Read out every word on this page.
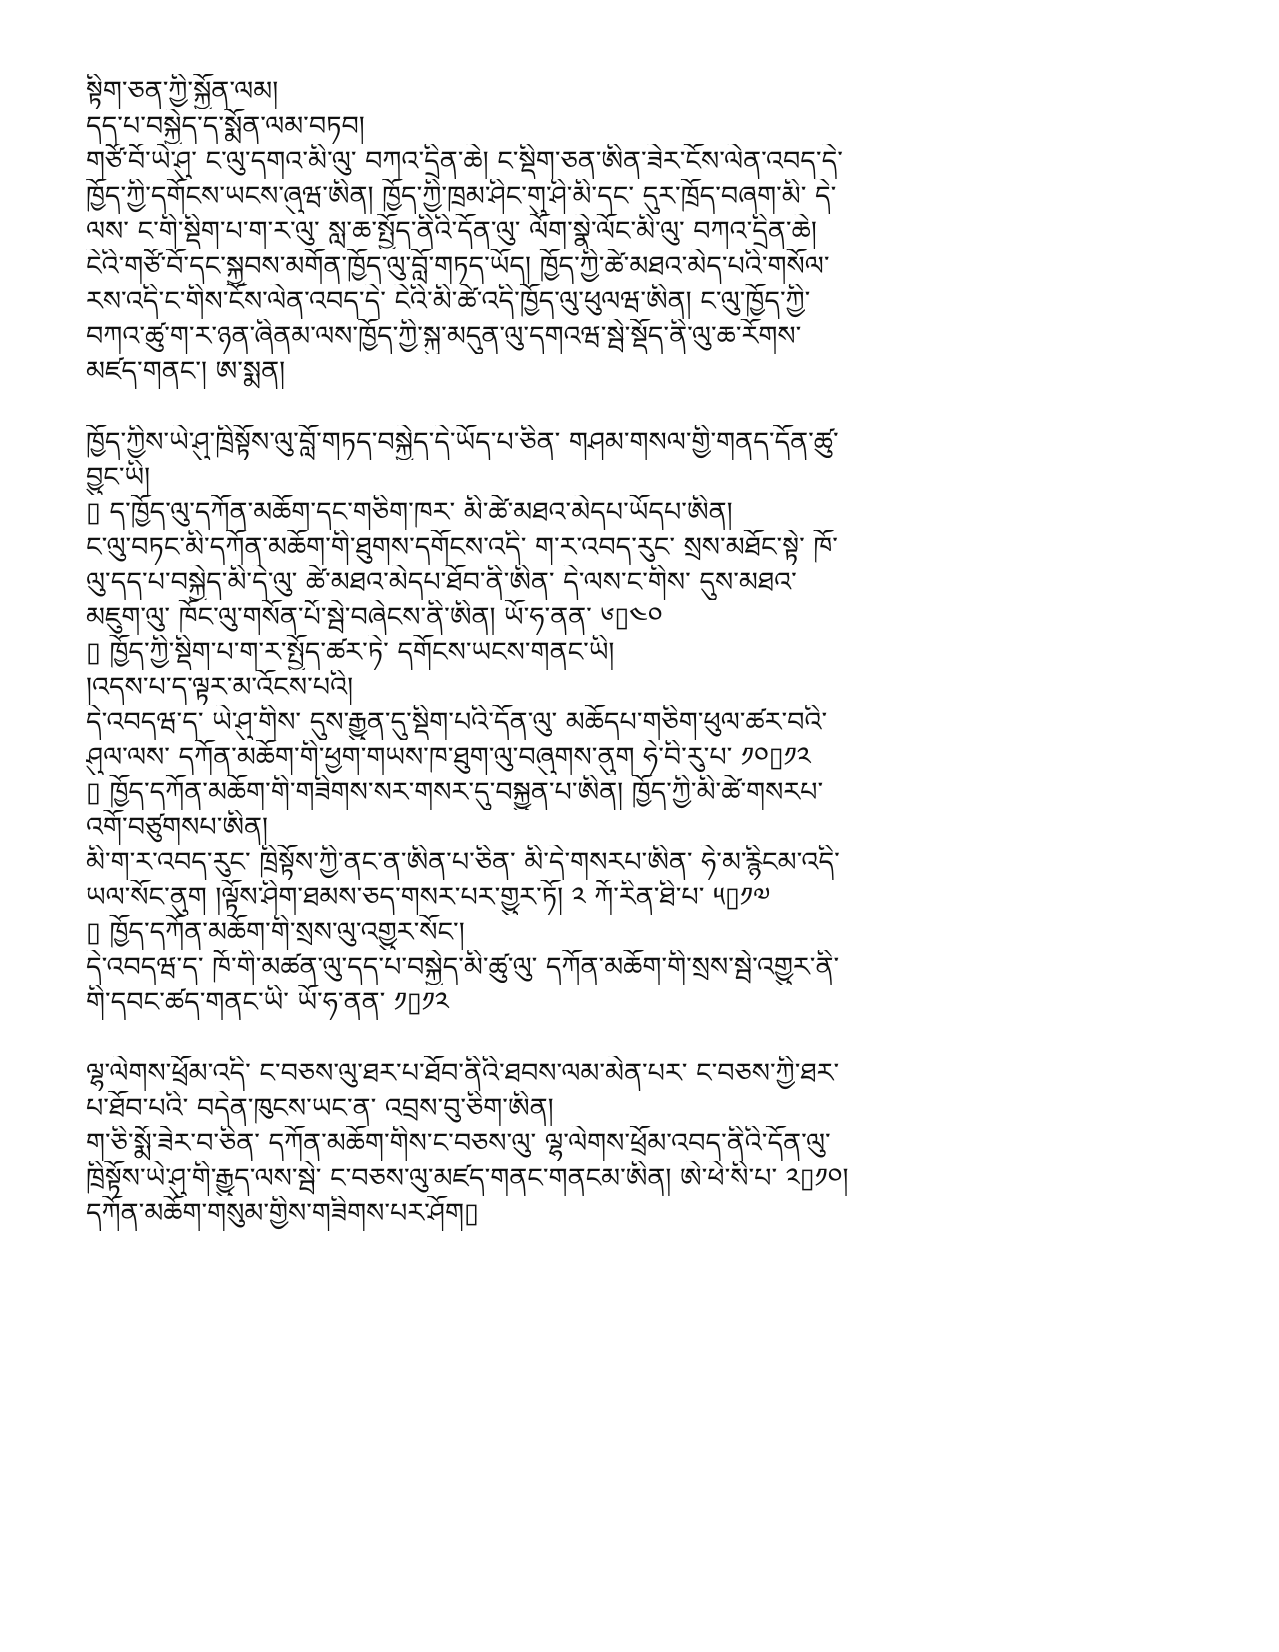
སྟིག་ཅན་ཀྱི་སྐྱོན་ལམ།
དད་པ་བསྐྱེད་ད་སྨོན་ལམ་བཏབ།
གཙོ་བོ་ཡེ་ཤུ་ ང་ལུ་དགའ་མི་ལུ་ བཀའ་དྲིན་ཆེ། ང་སྡིག་ཅན་ཨིན་ཟེར་ངོས་ལེན་འབད་དེ་
ཁྱོད་ཀྱི་དགོངས་ཡངས་ཞུཝ་ཨིན། ཁྱོད་ཀྱི་ཁྲམ་ཤིང་གུ་ཤི་མི་དང་ དུར་ཁྲོད་བཞག་མི་ དེ་
ལས་ ང་གི་སྡིག་པ་ག་ར་ལུ་ སླ་ཆ་སྤྱོད་ནིའི་དོན་ལུ་ ལོག་སྣེ་ལོང་མི་ལུ་ བཀའ་དྲིན་ཆེ།
ངེའི་གཙོ་བོ་དང་སྐྱབས་མགོན་ཁྱོད་ལུ་བློ་གཏད་ཡོད། ཁྱོད་ཀྱི་ཚེ་མཐའ་མེད་པའི་གསོལ་
རས་འདི་ང་གིས་ངོས་ལེན་འབད་དེ་ ངེའི་མི་ཚེ་འདི་ཁྱོད་ལུ་ཕུལཝ་ཨིན། ང་ལུ་ཁྱོད་ཀྱི་
བཀའ་ཚུ་ག་ར་ཉན་ཞིནམ་ལས་ཁྱོད་ཀྱི་སྐུ་མདུན་ལུ་དགའཝ་སྦེ་སྡོད་ནི་ལུ་ཆ་རོགས་
མཛད་གནང་། ཨ་སྨན།
ཁྱོད་ཀྱིས་ཡེ་ཤུ་ཁྲིསྟོས་ལུ་བློ་གཏད་བསྐྱེད་དེ་ཡོད་པ་ཅིན་ གཤམ་གསལ་གྱི་གནད་དོན་ཚུ་
བྱུང་ཡི།
▯ ད་ཁྱོད་ལུ་དཀོན་མཆོག་དང་གཅིག་ཁར་ མི་ཚེ་མཐའ་མེདཔ་ཡོདཔ་ཨིན།
ང་ལུ་བཏང་མི་དཀོན་མཆོག་གི་ཐུགས་དགོངས་འདི་ ག་ར་འབད་རུང་ སྲས་མཐོང་སྟེ་ ཁོ་
ལུ་དད་པ་བསྐྱེད་མི་དེ་ལུ་ ཚེ་མཐའ་མེདཔ་ཐོབ་ནི་ཨིན་ དེ་ལས་ང་གིས་ དུས་མཐའ་
མཇུག་ལུ་ ཁོང་ལུ་གསོན་པོ་སྦེ་བཞེངས་ནི་ཨིན། ཡོ་ཧ་ནན་ ༦▯༤༠
▯ ཁྱོད་ཀྱི་སྡིག་པ་ག་ར་སྤྱོད་ཚར་ཏེ་ དགོངས་ཡངས་གནང་ཡི།
།འདས་པ་ད་ལྟར་མ་འོངས་པའི།
དེ་འབདཝ་ད་ ཡེ་ཤུ་གིས་ དུས་རྒྱུན་དུ་སྡིག་པའི་དོན་ལུ་ མཆོདཔ་གཅིག་ཕུལ་ཚར་བའི་
ཤུལ་ལས་ དཀོན་མཆོག་གི་ཕྱག་གཡས་ཁ་ཐུག་ལུ་བཞུགས་ནུག ཧེ་བི་རུ་པ་ ༡༠▯༡༢
▯ ཁྱོད་དཀོན་མཆོག་གི་གཟིགས་སར་གསར་དུ་བསྐྱུན་པ་ཨིན། ཁྱོད་ཀྱི་མི་ཚེ་གསརཔ་
འགོ་བཙུགསཔ་ཨིན།
མི་ག་ར་འབད་རུང་ ཁྲིསྟོས་ཀྱི་ནང་ན་ཨིན་པ་ཅིན་ མི་དེ་གསརཔ་ཨིན་ ཧེ་མ་རྙིངམ་འདི་
ཡལ་སོང་ནུག །ལྟོས་ཤིག་ཐམས་ཅད་གསར་པར་གྱུར་ཏོ། ༢ ཀོ་རིན་ཐི་པ་ ༥▯༡༧
▯ ཁྱོད་དཀོན་མཆོག་གི་སྲས་ལུ་འགྱུར་སོང་།
དེ་འབདཝ་ད་ ཁོ་གི་མཚན་ལུ་དད་པ་བསྐྱེད་མི་ཚུ་ལུ་ དཀོན་མཆོག་གི་སྲས་སྦེ་འགྱུར་ནི་
གི་དབང་ཚད་གནང་ཡི་ ཡོ་ཧ་ནན་ ༡▯༡༢
ལྷ་ལེགས་ཕྲོམ་འདི་ ང་བཅས་ལུ་ཐར་པ་ཐོབ་ནིའི་ཐབས་ལམ་མེན་པར་ ང་བཅས་ཀྱི་ཐར་
པ་ཐོབ་པའི་ བདེན་ཁུངས་ཡང་ན་ འབྲས་བུ་ཅིག་ཨིན།
ག་ཅི་སྨོ་ཟེར་བ་ཅིན་ དཀོན་མཆོག་གིས་ང་བཅས་ལུ་ ལྷ་ལེགས་ཕྲོམ་འབད་ནིའི་དོན་ལུ་
ཁྲིསྟོས་ཡེ་ཤུ་གི་རྒྱུད་ལས་སྦེ་ ང་བཅས་ལུ་མཛད་གནང་གནངམ་ཨིན། ཨེ་ཕེ་སི་པ་ ༢▯༡༠།
དཀོན་མཆོག་གསུམ་གྱིས་གཟིགས་པར་ཤོག▯
